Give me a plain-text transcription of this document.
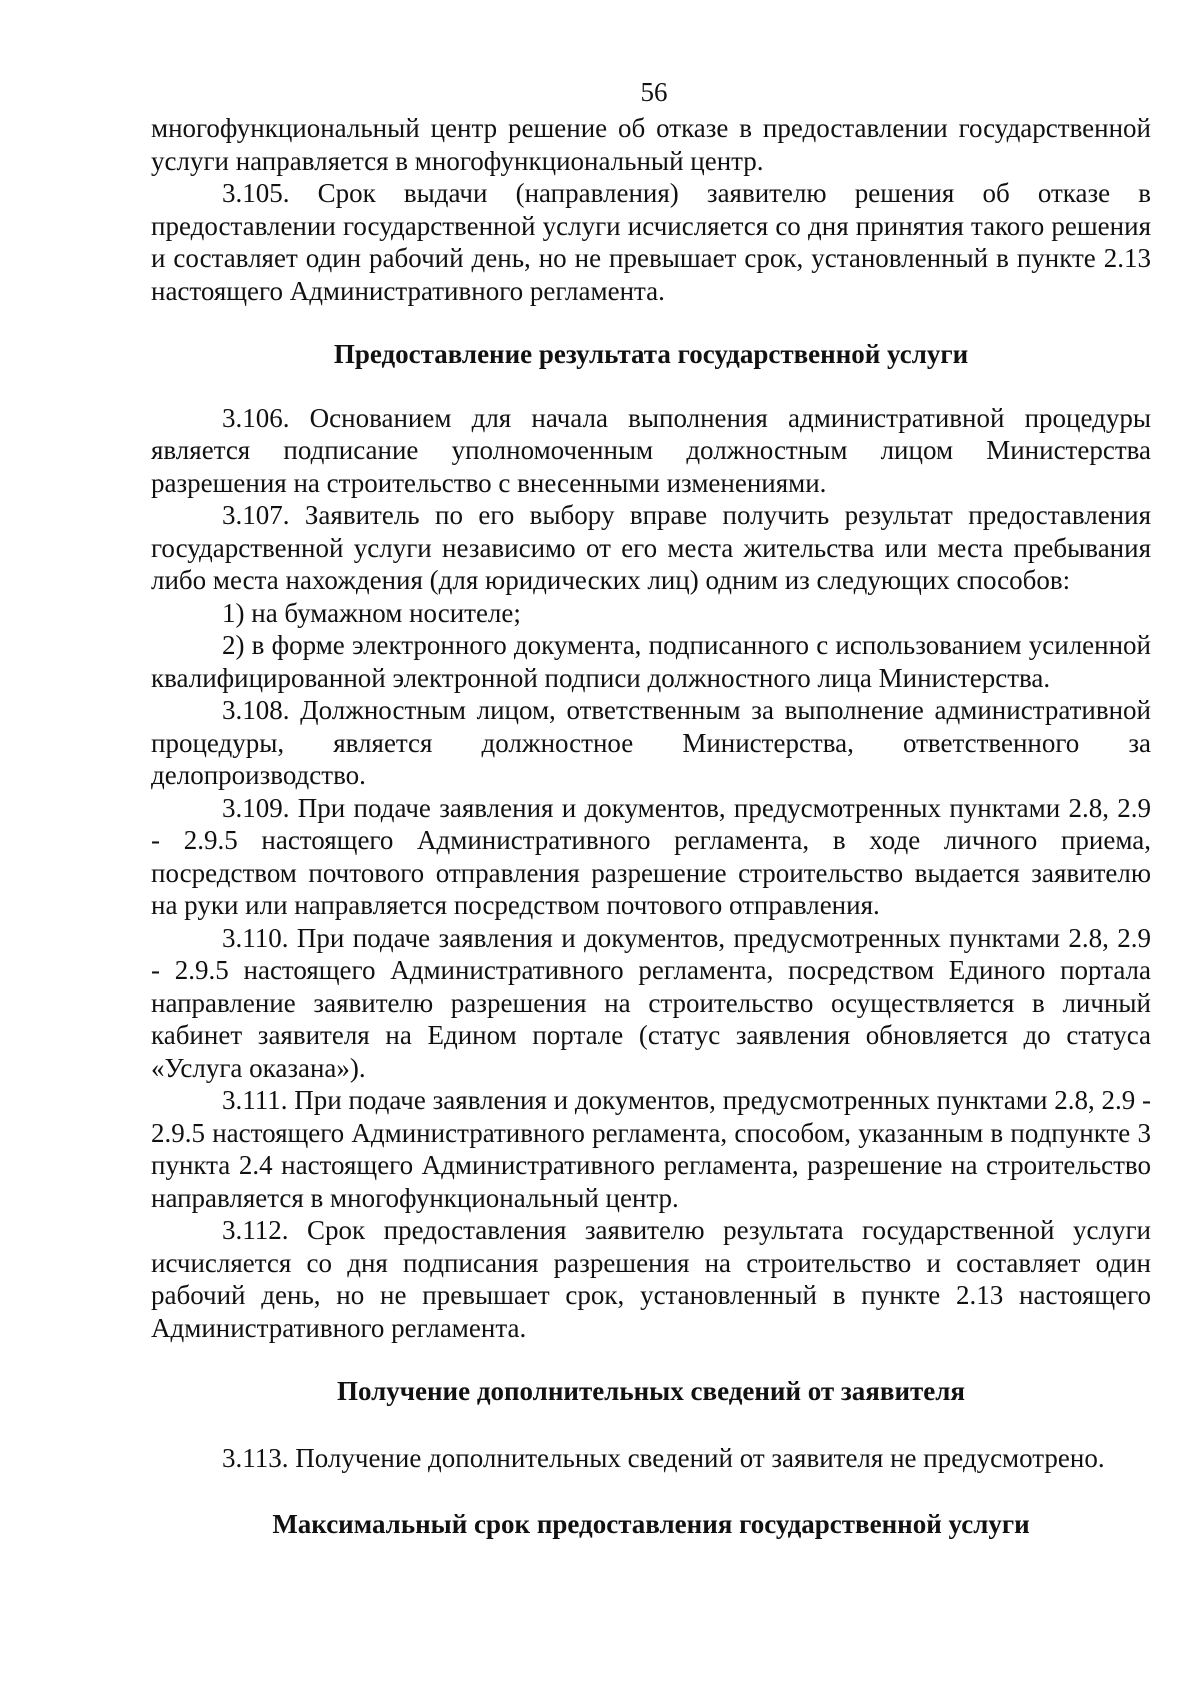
56

многофункциональный центр решение об отказе в предоставлении государственной услуги направляется в многофункциональный центр.

3.105. Срок выдачи (направления) заявителю решения об отказе в предоставлении государственной услуги исчисляется со дня принятия такого решения и составляет один рабочий день, но не превышает срок, установленный в пункте 2.13 настоящего Административного регламента.

Предоставление результата государственной услуги

3.106. Основанием для начала выполнения административной процедуры является подписание уполномоченным должностным лицом Министерства разрешения на строительство с внесенными изменениями.

3.107. Заявитель по его выбору вправе получить результат предоставления государственной услуги независимо от его места жительства или места пребывания либо места нахождения (для юридических лиц) одним из следующих способов:

1) на бумажном носителе;

2) в форме электронного документа, подписанного с использованием усиленной квалифицированной электронной подписи должностного лица Министерства.

3.108. Должностным лицом, ответственным за выполнение административной процедуры, является должностное Министерства, ответственного за делопроизводство.

3.109. При подаче заявления и документов, предусмотренных пунктами 2.8, 2.9 - 2.9.5 настоящего Административного регламента, в ходе личного приема, посредством почтового отправления разрешение строительство выдается заявителю на руки или направляется посредством почтового отправления.

3.110. При подаче заявления и документов, предусмотренных пунктами 2.8, 2.9 - 2.9.5 настоящего Административного регламента, посредством Единого портала направление заявителю разрешения на строительство осуществляется в личный кабинет заявителя на Едином портале (статус заявления обновляется до статуса «Услуга оказана»).

3.111. При подаче заявления и документов, предусмотренных пунктами 2.8, 2.9 - 2.9.5 настоящего Административного регламента, способом, указанным в подпункте 3 пункта 2.4 настоящего Административного регламента, разрешение на строительство направляется в многофункциональный центр.

3.112. Срок предоставления заявителю результата государственной услуги исчисляется со дня подписания разрешения на строительство и составляет один рабочий день, но не превышает срок, установленный в пункте 2.13 настоящего Административного регламента.

Получение дополнительных сведений от заявителя

3.113. Получение дополнительных сведений от заявителя не предусмотрено.

Максимальный срок предоставления государственной услуги
